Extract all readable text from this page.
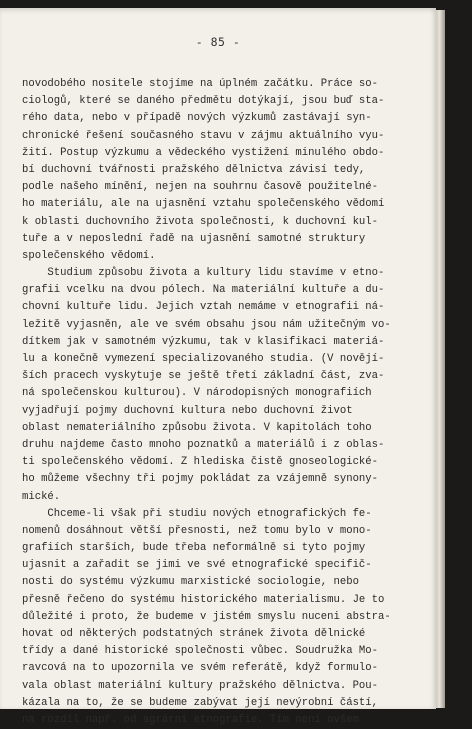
- 85 -
novodobého nositele stojíme na úplném začátku. Práce so-
ciologů, které se daného předmětu dotýkají, jsou buď sta-
rého data, nebo v případě nových výzkumů zastávají syn-
chronické řešení současného stavu v zájmu aktuálního vyu-
žití. Postup výzkumu a vědeckého vystižení minulého obdo-
bí duchovní tvářnosti pražského dělnictva závisí tedy,
podle našeho mínění, nejen na souhrnu časově použitelné-
ho materiálu, ale na ujasnění vztahu společenského vědomí
k oblasti duchovního života společnosti, k duchovní kul-
tuře a v neposlední řadě na ujasnění samotné struktury
společenského vědomí.
Studium způsobu života a kultury lidu stavíme v etno-
grafii vcelku na dvou pólech. Na materiální kultuře a du-
chovní kultuře lidu. Jejich vztah nemáme v etnografii ná-
ležitě vyjasněn, ale ve svém obsahu jsou nám užitečným vo-
dítkem jak v samotném výzkumu, tak v klasifikaci materiá-
lu a konečně vymezení specializovaného studia. (V novějí-
ších pracech vyskytuje se ještě třetí základní část, zva-
ná společenskou kulturou). V národopisných monografiích
vyjadřují pojmy duchovní kultura nebo duchovní život
oblast nemateriálního způsobu života. V kapitolách toho
druhu najdeme často mnoho poznatků a materiálů i z oblas-
ti společenského vědomí. Z hlediska čistě gnoseologické-
ho můžeme všechny tři pojmy pokládat za vzájemně synony-
mické.
Chceme-li však při studiu nových etnografických fe-
nomenů dosáhnout větší přesnosti, než tomu bylo v mono-
grafiích starších, bude třeba neformálně si tyto pojmy
ujasnit a zařadit se jimi ve své etnografické specifič-
nosti do systému výzkumu marxistické sociologie, nebo
přesně řečeno do systému historického materialismu. Je to
důležité i proto, že budeme v jistém smyslu nuceni abstra-
hovat od některých podstatných stránek života dělnické
třídy a dané historické společnosti vůbec. Soudružka Mo-
ravcová na to upozornila ve svém referátě, když formulo-
vala oblast materiální kultury pražského dělnictva. Pou-
kázala na to, že se budeme zabývat její nevýrobní částí,
na rozdíl např. od agrární etnografie. Tím není ovšem
